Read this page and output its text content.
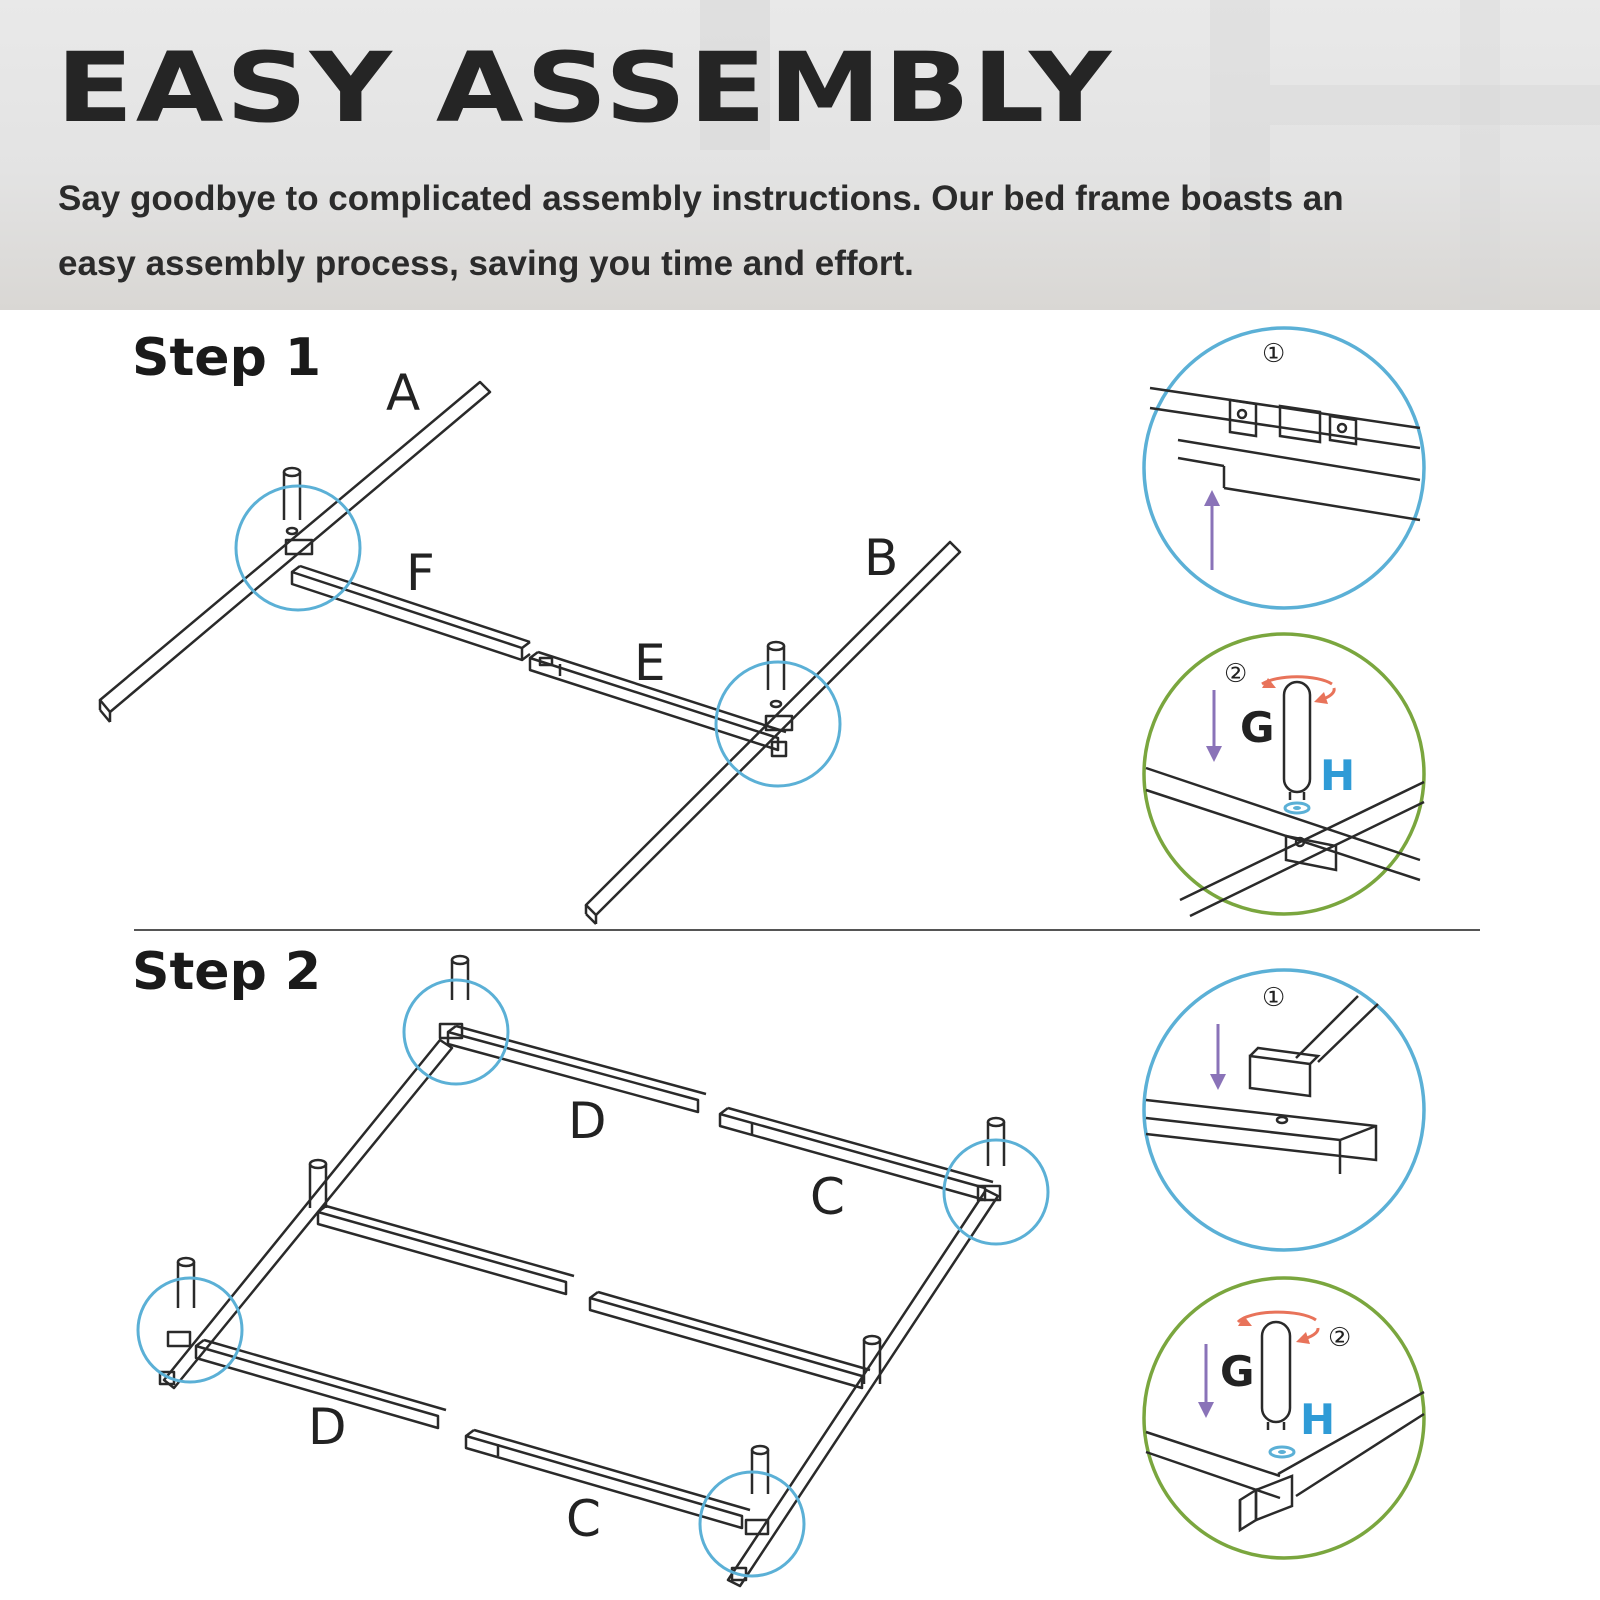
EASY ASSEMBLY
Say goodbye to complicated assembly instructions. Our bed frame boasts an easy assembly process, saving you time and effort.
Step 1
Step 2
A
B
F
E
D
C
D
C
①
②
G
H
①
②
G
H
